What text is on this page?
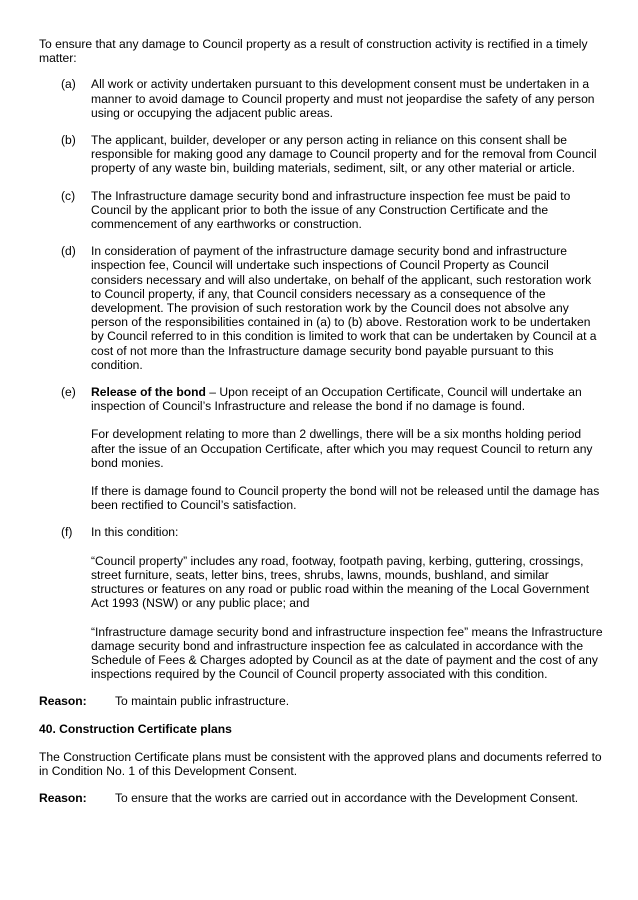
To ensure that any damage to Council property as a result of construction activity is rectified in a timely matter:

(a)	All work or activity undertaken pursuant to this development consent must be undertaken in a manner to avoid damage to Council property and must not jeopardise the safety of any person using or occupying the adjacent public areas.

(b)	The applicant, builder, developer or any person acting in reliance on this consent shall be responsible for making good any damage to Council property and for the removal from Council property of any waste bin, building materials, sediment, silt, or any other material or article.

(c)	The Infrastructure damage security bond and infrastructure inspection fee must be paid to Council by the applicant prior to both the issue of any Construction Certificate and the commencement of any earthworks or construction.

(d)	In consideration of payment of the infrastructure damage security bond and infrastructure inspection fee, Council will undertake such inspections of Council Property as Council considers necessary and will also undertake, on behalf of the applicant, such restoration work to Council property, if any, that Council considers necessary as a consequence of the development. The provision of such restoration work by the Council does not absolve any person of the responsibilities contained in (a) to (b) above. Restoration work to be undertaken by Council referred to in this condition is limited to work that can be undertaken by Council at a cost of not more than the Infrastructure damage security bond payable pursuant to this condition.

(e)	Release of the bond – Upon receipt of an Occupation Certificate, Council will undertake an inspection of Council’s Infrastructure and release the bond if no damage is found.

For development relating to more than 2 dwellings, there will be a six months holding period after the issue of an Occupation Certificate, after which you may request Council to return any bond monies.

If there is damage found to Council property the bond will not be released until the damage has been rectified to Council’s satisfaction.

(f)	In this condition:

“Council property” includes any road, footway, footpath paving, kerbing, guttering, crossings, street furniture, seats, letter bins, trees, shrubs, lawns, mounds, bushland, and similar structures or features on any road or public road within the meaning of the Local Government Act 1993 (NSW) or any public place; and

“Infrastructure damage security bond and infrastructure inspection fee” means the Infrastructure damage security bond and infrastructure inspection fee as calculated in accordance with the Schedule of Fees & Charges adopted by Council as at the date of payment and the cost of any inspections required by the Council of Council property associated with this condition.

Reason:	To maintain public infrastructure.

40. Construction Certificate plans

The Construction Certificate plans must be consistent with the approved plans and documents referred to in Condition No. 1 of this Development Consent.

Reason:	To ensure that the works are carried out in accordance with the Development Consent.
